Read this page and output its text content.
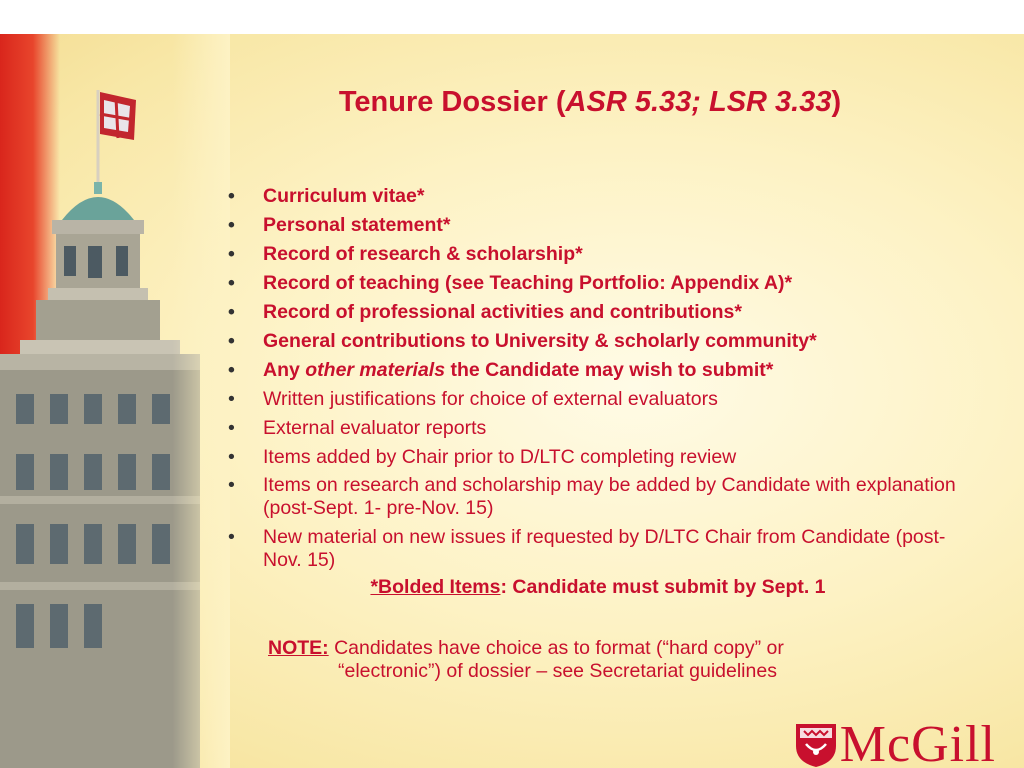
Tenure Dossier (ASR 5.33; LSR 3.33)
• Curriculum vitae*
• Personal statement*
• Record of research & scholarship*
• Record of teaching (see Teaching Portfolio: Appendix A)*
• Record of professional activities and contributions*
• General contributions to University & scholarly community*
• Any other materials the Candidate may wish to submit*
• Written justifications for choice of external evaluators
• External evaluator reports
• Items added by Chair prior to D/LTC completing review
• Items on research and scholarship may be added by Candidate with explanation (post-Sept. 1- pre-Nov. 15)
• New material on new issues if requested by D/LTC Chair from Candidate (post-Nov. 15)
*Bolded Items: Candidate must submit by Sept. 1
NOTE: Candidates have choice as to format (“hard copy” or
“electronic”) of dossier – see Secretariat guidelines
McGill
